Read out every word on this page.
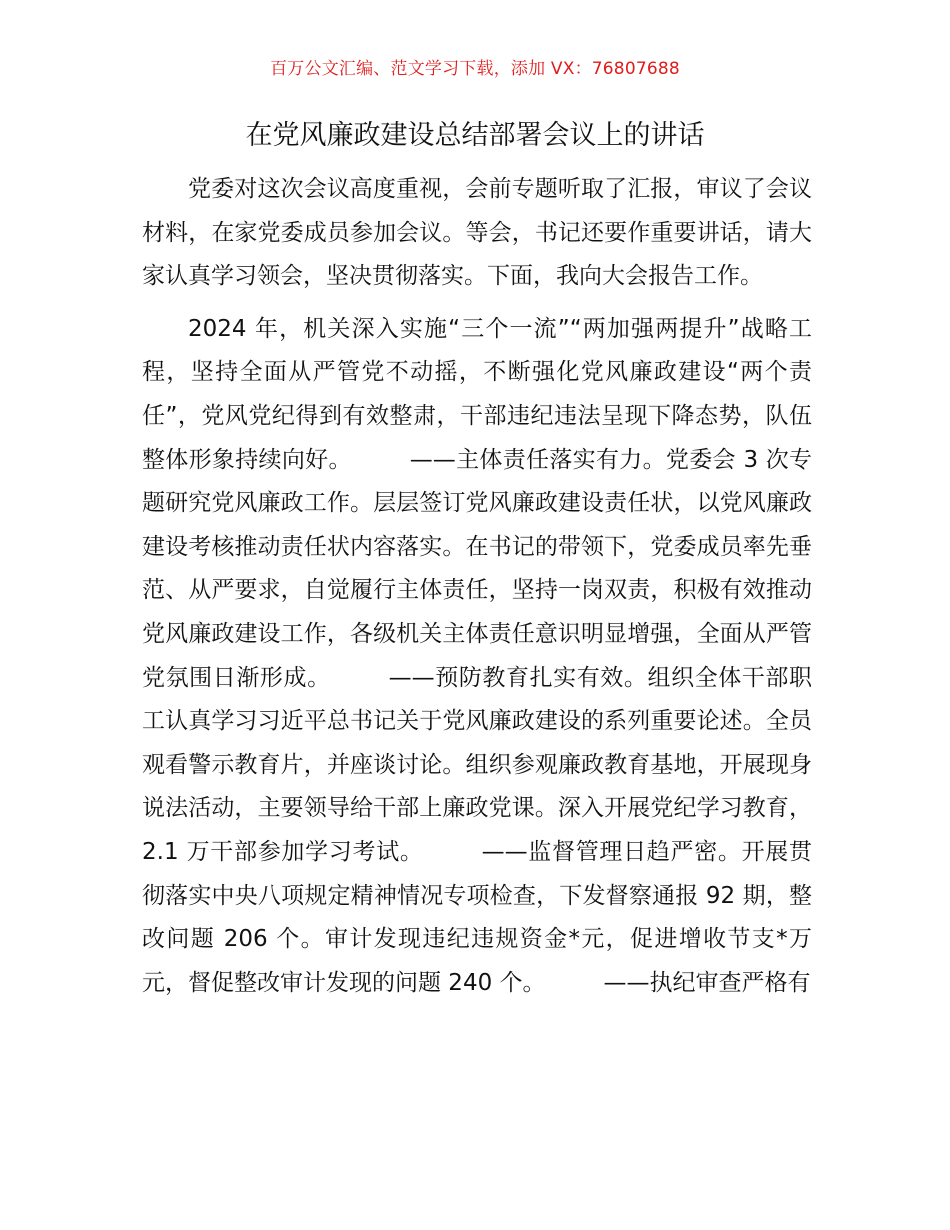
百万公文汇编、范文学习下载，添加 VX：76807688
在党风廉政建设总结部署会议上的讲话

党委对这次会议高度重视，会前专题听取了汇报，审议了会议材料，在家党委成员参加会议。等会，书记还要作重要讲话，请大家认真学习领会，坚决贯彻落实。下面，我向大会报告工作。

2024 年，机关深入实施“三个一流”“两加强两提升”战略工程，坚持全面从严管党不动摇，不断强化党风廉政建设“两个责任”，党风党纪得到有效整肃，干部违纪违法呈现下降态势，队伍整体形象持续向好。	——主体责任落实有力。党委会 3 次专题研究党风廉政工作。层层签订党风廉政建设责任状，以党风廉政建设考核推动责任状内容落实。在书记的带领下，党委成员率先垂范、从严要求，自觉履行主体责任，坚持一岗双责，积极有效推动党风廉政建设工作，各级机关主体责任意识明显增强，全面从严管党氛围日渐形成。	——预防教育扎实有效。组织全体干部职工认真学习习近平总书记关于党风廉政建设的系列重要论述。全员观看警示教育片，并座谈讨论。组织参观廉政教育基地，开展现身说法活动，主要领导给干部上廉政党课。深入开展党纪学习教育，2.1 万干部参加学习考试。	——监督管理日趋严密。开展贯彻落实中央八项规定精神情况专项检查，下发督察通报 92 期，整改问题 206 个。审计发现违纪违规资金*元，促进增收节支*万元，督促整改审计发现的问题 240 个。	——执纪审查严格有
